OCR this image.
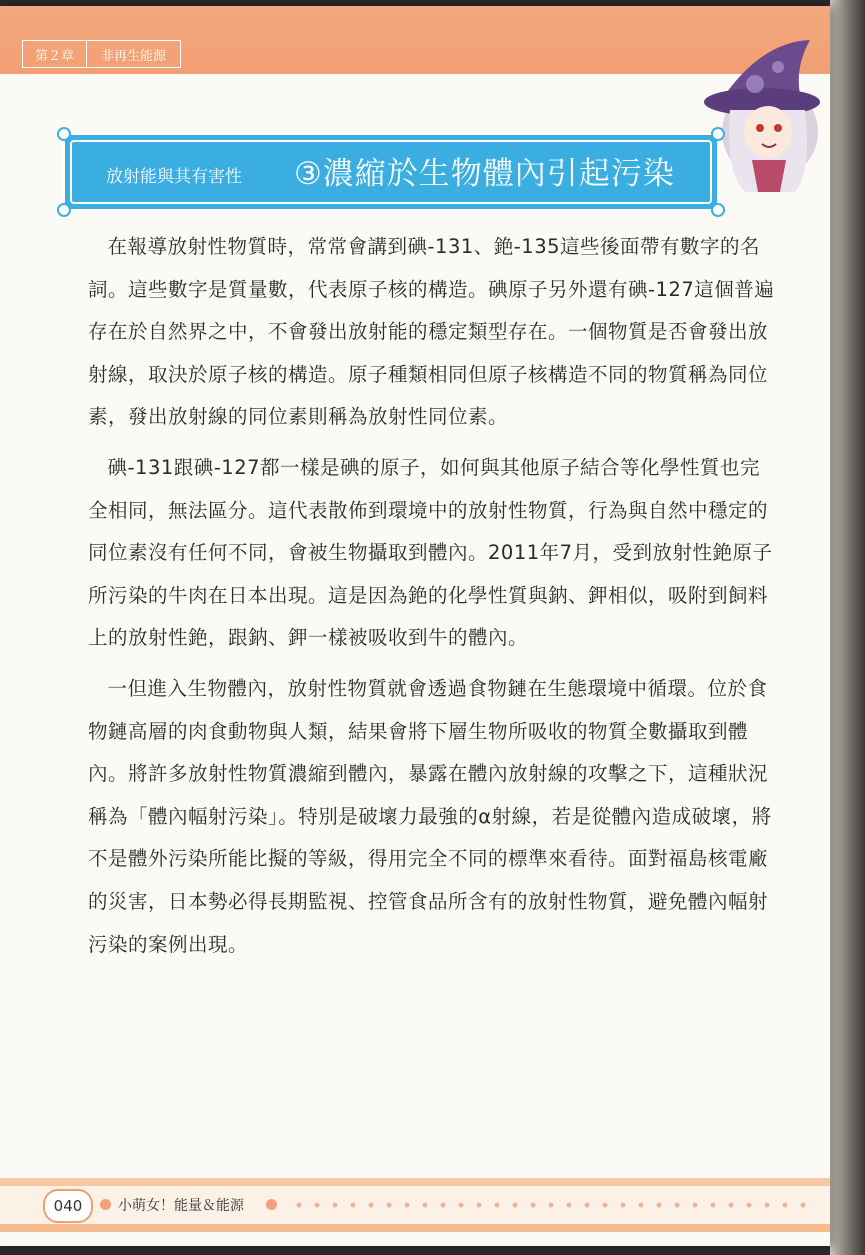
第２章	非再生能源
放射能與其有害性 ③濃縮於生物體內引起污染

在報導放射性物質時，常常會講到碘-131、銫-135這些後面帶有數字的名詞。這些數字是質量數，代表原子核的構造。碘原子另外還有碘-127這個普遍存在於自然界之中，不會發出放射能的穩定類型存在。一個物質是否會發出放射線，取決於原子核的構造。原子種類相同但原子核構造不同的物質稱為同位素，發出放射線的同位素則稱為放射性同位素。

碘-131跟碘-127都一樣是碘的原子，如何與其他原子結合等化學性質也完全相同，無法區分。這代表散佈到環境中的放射性物質，行為與自然中穩定的同位素沒有任何不同，會被生物攝取到體內。2011年7月，受到放射性銫原子所污染的牛肉在日本出現。這是因為銫的化學性質與鈉、鉀相似，吸附到飼料上的放射性銫，跟鈉、鉀一樣被吸收到牛的體內。

一但進入生物體內，放射性物質就會透過食物鏈在生態環境中循環。位於食物鏈高層的肉食動物與人類，結果會將下層生物所吸收的物質全數攝取到體內。將許多放射性物質濃縮到體內，暴露在體內放射線的攻擊之下，這種狀況稱為「體內幅射污染」。特別是破壞力最強的α射線，若是從體內造成破壞，將不是體外污染所能比擬的等級，得用完全不同的標準來看待。面對福島核電廠的災害，日本勢必得長期監視、控管食品所含有的放射性物質，避免體內幅射污染的案例出現。

040	小萌女！能量＆能源
